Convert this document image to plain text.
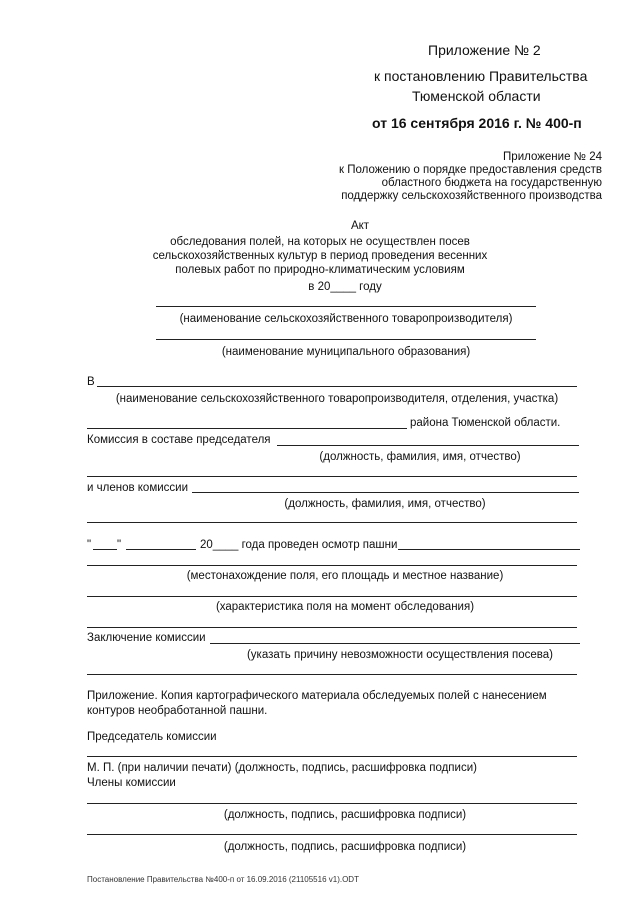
Приложение № 2
к постановлению Правительства
Тюменской области
от 16 сентября 2016 г. № 400-п
Приложение № 24
к Положению о порядке предоставления средств
областного бюджета на государственную
поддержку сельскохозяйственного производства
Акт
обследования полей, на которых не осуществлен посев
сельскохозяйственных культур в период проведения весенних
полевых работ по природно-климатическим условиям
в 20____ году
(наименование сельскохозяйственного товаропроизводителя)
(наименование муниципального образования)
В
(наименование сельскохозяйственного товаропроизводителя, отделения, участка)
района Тюменской области.
Комиссия в составе председателя
(должность, фамилия, имя, отчество)
и членов комиссии
(должность, фамилия, имя, отчество)
" "	20____ года проведен осмотр пашни
(местонахождение поля, его площадь и местное название)
(характеристика поля на момент обследования)
Заключение комиссии
(указать причину невозможности осуществления посева)
Приложение. Копия картографического материала обследуемых полей с нанесением
контуров необработанной пашни.
Председатель комиссии
М. П. (при наличии печати) (должность, подпись, расшифровка подписи)
Члены комиссии
(должность, подпись, расшифровка подписи)
(должность, подпись, расшифровка подписи)
Постановление Правительства №400-п от 16.09.2016 (21105516 v1).ODT
